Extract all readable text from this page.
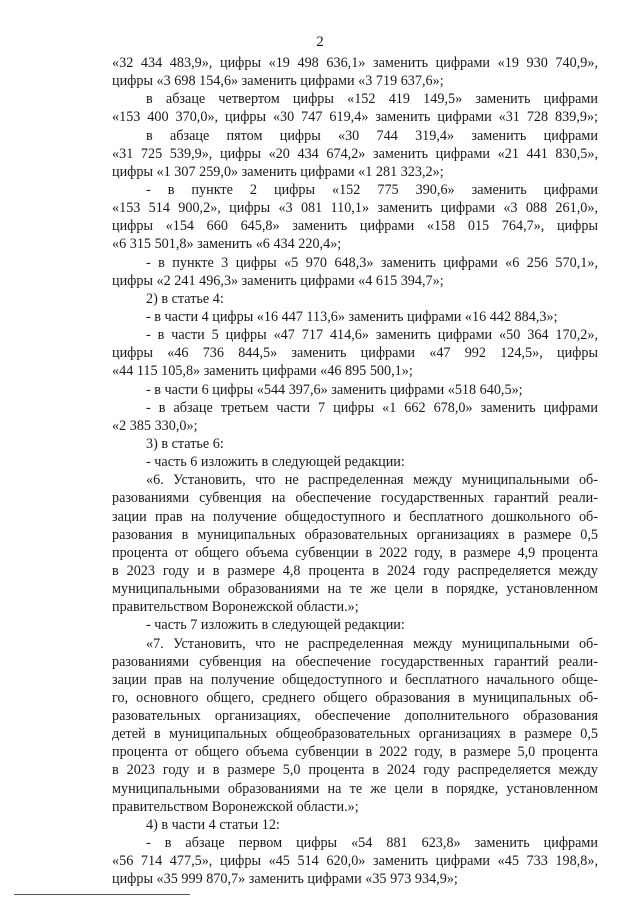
2
«32 434 483,9», цифры «19 498 636,1» заменить цифрами «19 930 740,9»,
цифры «3 698 154,6» заменить цифрами «3 719 637,6»;
в абзаце четвертом цифры «152 419 149,5» заменить цифрами
«153 400 370,0», цифры «30 747 619,4» заменить цифрами «31 728 839,9»;
в абзаце пятом цифры «30 744 319,4» заменить цифрами
«31 725 539,9», цифры «20 434 674,2» заменить цифрами «21 441 830,5»,
цифры «1 307 259,0» заменить цифрами «1 281 323,2»;
- в пункте 2 цифры «152 775 390,6» заменить цифрами
«153 514 900,2», цифры «3 081 110,1» заменить цифрами «3 088 261,0»,
цифры «154 660 645,8» заменить цифрами «158 015 764,7», цифры
«6 315 501,8» заменить «6 434 220,4»;
- в пункте 3 цифры «5 970 648,3» заменить цифрами «6 256 570,1»,
цифры «2 241 496,3» заменить цифрами «4 615 394,7»;
2) в статье 4:
- в части 4 цифры «16 447 113,6» заменить цифрами «16 442 884,3»;
- в части 5 цифры «47 717 414,6» заменить цифрами «50 364 170,2»,
цифры «46 736 844,5» заменить цифрами «47 992 124,5», цифры
«44 115 105,8» заменить цифрами «46 895 500,1»;
- в части 6 цифры «544 397,6» заменить цифрами «518 640,5»;
- в абзаце третьем части 7 цифры «1 662 678,0» заменить цифрами
«2 385 330,0»;
3) в статье 6:
- часть 6 изложить в следующей редакции:
«6. Установить, что не распределенная между муниципальными об-
разованиями субвенция на обеспечение государственных гарантий реали-
зации прав на получение общедоступного и бесплатного дошкольного об-
разования в муниципальных образовательных организациях в размере 0,5
процента от общего объема субвенции в 2022 году, в размере 4,9 процента
в 2023 году и в размере 4,8 процента в 2024 году распределяется между
муниципальными образованиями на те же цели в порядке, установленном
правительством Воронежской области.»;
- часть 7 изложить в следующей редакции:
«7. Установить, что не распределенная между муниципальными об-
разованиями субвенция на обеспечение государственных гарантий реали-
зации прав на получение общедоступного и бесплатного начального обще-
го, основного общего, среднего общего образования в муниципальных об-
разовательных организациях, обеспечение дополнительного образования
детей в муниципальных общеобразовательных организациях в размере 0,5
процента от общего объема субвенции в 2022 году, в размере 5,0 процента
в 2023 году и в размере 5,0 процента в 2024 году распределяется между
муниципальными образованиями на те же цели в порядке, установленном
правительством Воронежской области.»;
4) в части 4 статьи 12:
- в абзаце первом цифры «54 881 623,8» заменить цифрами
«56 714 477,5», цифры «45 514 620,0» заменить цифрами «45 733 198,8»,
цифры «35 999 870,7» заменить цифрами «35 973 934,9»;
